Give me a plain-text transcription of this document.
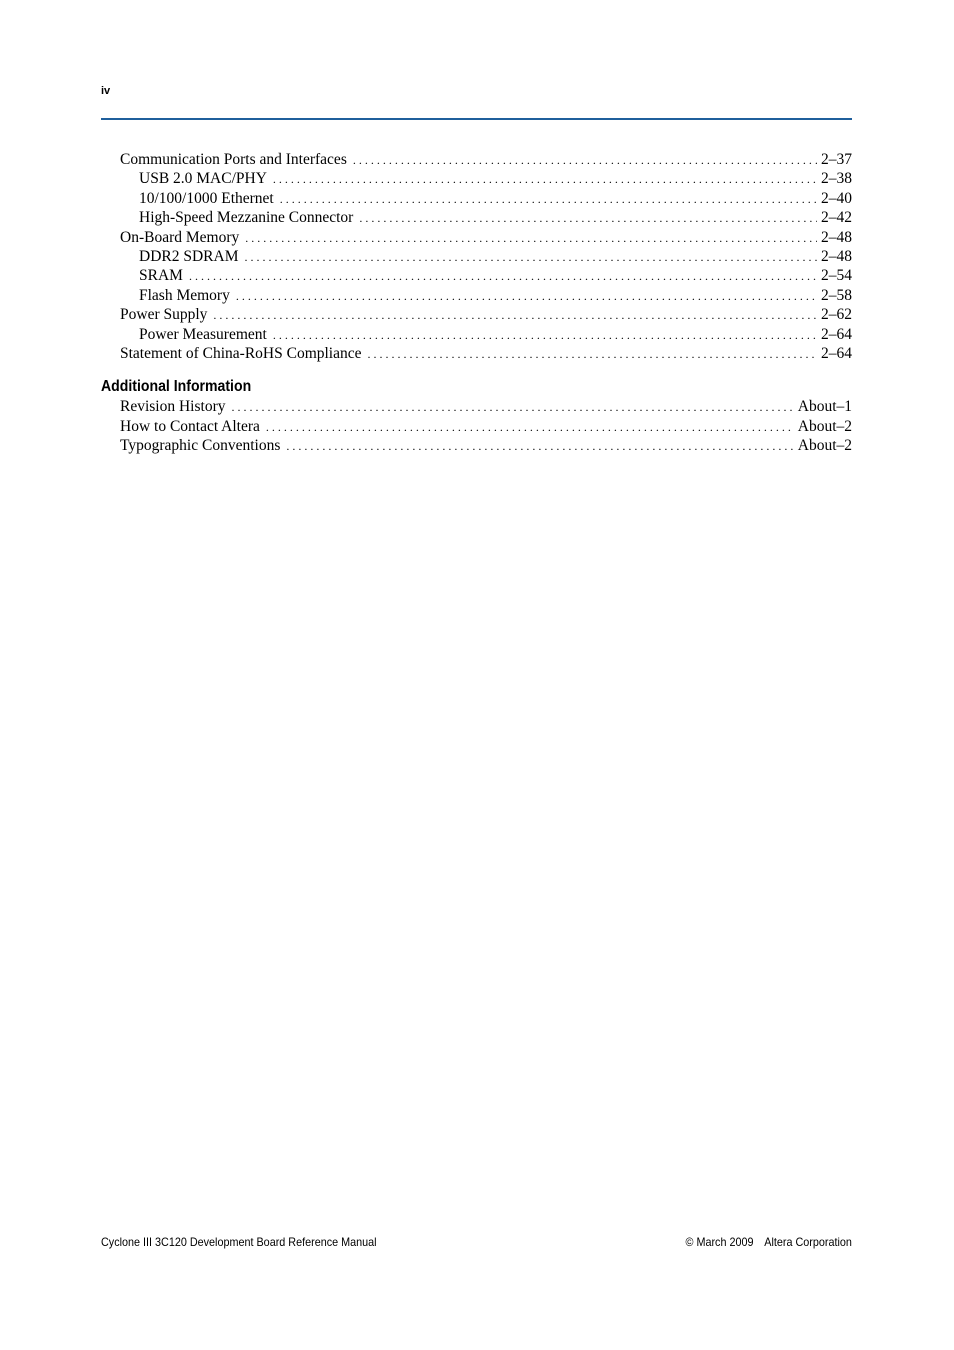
iv
Communication Ports and Interfaces . . .	2–37
USB 2.0 MAC/PHY . . .	2–38
10/100/1000 Ethernet . . .	2–40
High-Speed Mezzanine Connector . . .	2–42
On-Board Memory . . .	2–48
DDR2 SDRAM . . .	2–48
SRAM . . .	2–54
Flash Memory . . .	2–58
Power Supply . . .	2–62
Power Measurement . . .	2–64
Statement of China-RoHS Compliance . . .	2–64
Additional Information
Revision History . . .	About–1
How to Contact Altera . . .	About–2
Typographic Conventions . . .	About–2
Cyclone III 3C120 Development Board Reference Manual	© March 2009 Altera Corporation
